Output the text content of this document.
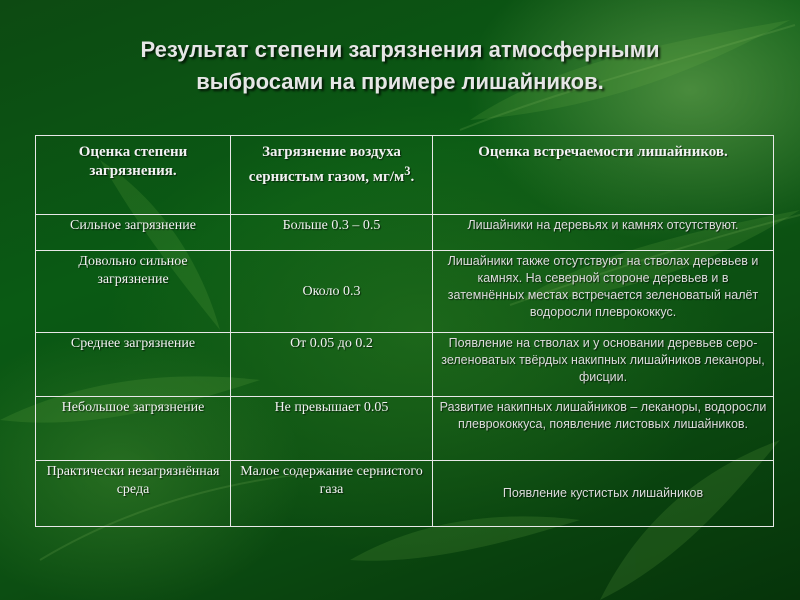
Результат степени загрязнения атмосферными
выбросами на примере лишайников.
Оценка степени загрязнения.	Загрязнение воздуха сернистым газом, $мг/м^3$.	Оценка встречаемости лишайников.
Сильное загрязнение	Больше 0.3 – 0.5	Лишайники на деревьях и камнях отсутствуют.
Довольно сильное загрязнение	Около 0.3	Лишайники также отсутствуют на стволах деревьев и камнях. На северной стороне деревьев и в затемнённых местах встречается зеленоватый налёт водоросли плеврококкус.
Среднее загрязнение	От 0.05 до 0.2	Появление на стволах и у основании деревьев серо-зеленоватых твёрдых накипных лишайников леканоры, фисции.
Небольшое загрязнение	Не превышает 0.05	Развитие накипных лишайников – леканоры, водоросли плеврококкуса, появление листовых лишайников.
Практически незагрязнённая среда	Малое содержание сернистого газа	Появление кустистых лишайников
